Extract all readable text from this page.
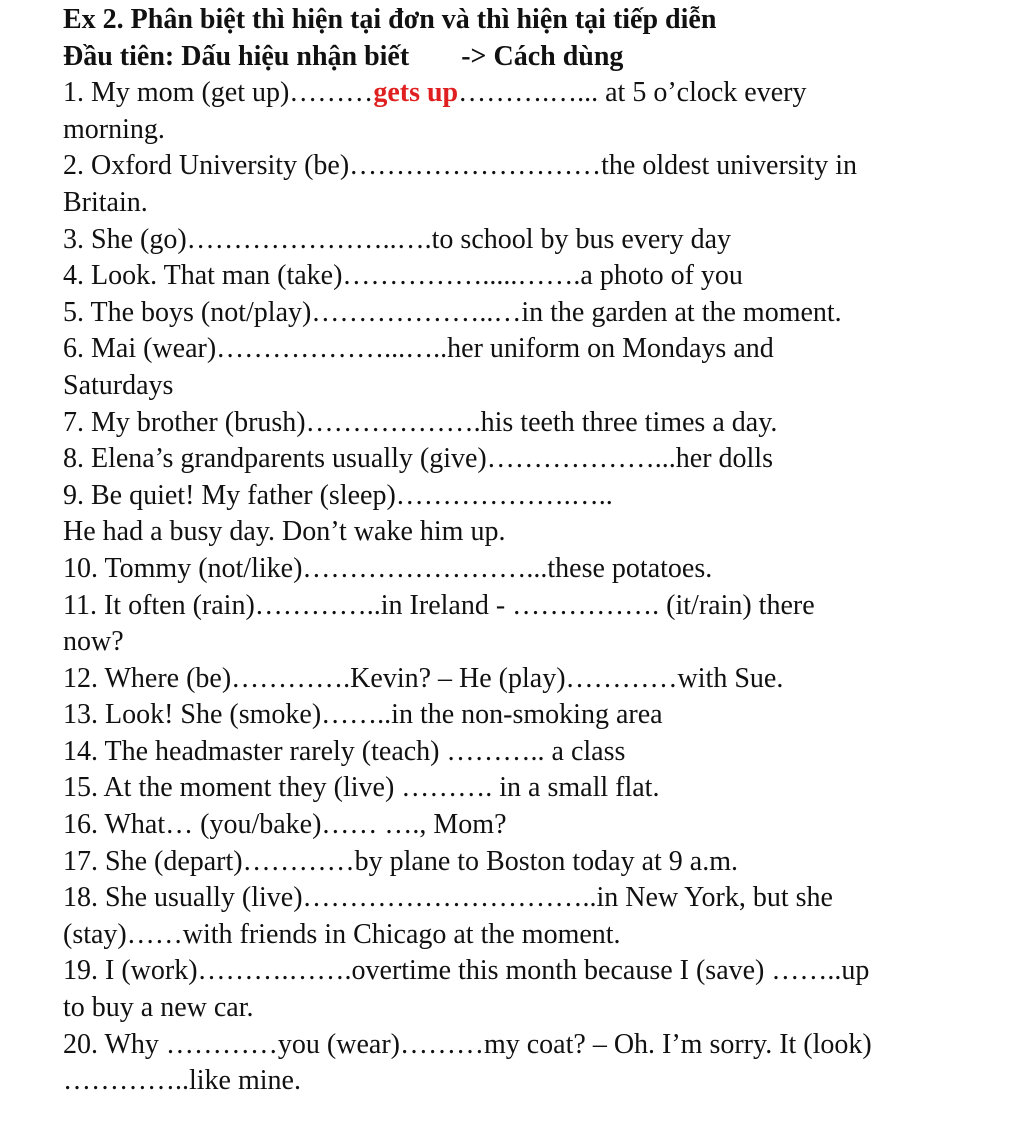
Ex 2. Phân biệt thì hiện tại đơn và thì hiện tại tiếp diễn
Đầu tiên: Dấu hiệu nhận biết -> Cách dùng
1. My mom (get up)………gets up……….…... at 5 o’clock every
morning.
2. Oxford University (be)………………………the oldest university in
Britain.
3. She (go)…………………..….to school by bus every day
4. Look. That man (take)…………….....…….a photo of you
5. The boys (not/play)………………..…in the garden at the moment.
6. Mai (wear)………………...…..her uniform on Mondays and
Saturdays
7. My brother (brush)……………….his teeth three times a day.
8. Elena’s grandparents usually (give)………………...her dolls
9. Be quiet! My father (sleep)……………….…..
He had a busy day. Don’t wake him up.
10. Tommy (not/like)……………………...these potatoes.
11. It often (rain)…………..in Ireland - ……………. (it/rain) there
now?
12. Where (be)………….Kevin? – He (play)…………with Sue.
13. Look! She (smoke)……..in the non-smoking area
14. The headmaster rarely (teach) ……….. a class
15. At the moment they (live) ………. in a small flat.
16. What… (you/bake)…… …., Mom?
17. She (depart)…………by plane to Boston today at 9 a.m.
18. She usually (live)…………………………..in New York, but she
(stay)……with friends in Chicago at the moment.
19. I (work)……….…….overtime this month because I (save) ……..up
to buy a new car.
20. Why …………you (wear)………my coat? – Oh. I’m sorry. It (look)
…………..like mine.
